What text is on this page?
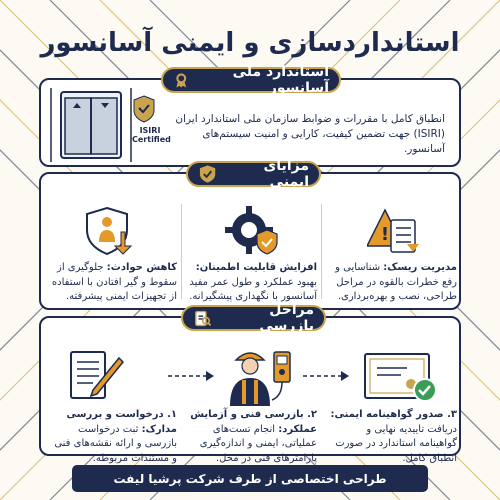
استانداردسازی و ایمنی آسانسور
استاندارد ملی آسانسور
ISIRI
Certified
انطباق کامل با مقررات و ضوابط سازمان ملی استاندارد ایران (ISIRI) جهت تضمین کیفیت، کارایی و امنیت سیستم‌های آسانسور.
مزایای ایمنی
!
مدیریت ریسک: شناسایی و رفع خطرات بالقوه در مراحل طراحی، نصب و بهره‌برداری.
افزایش قابلیت اطمینان: بهبود عملکرد و طول عمر مفید آسانسور با نگهداری پیشگیرانه.
کاهش حوادث: جلوگیری از سقوط و گیر افتادن با استفاده از تجهیزات ایمنی پیشرفته.
مراحل بازرسی
۱. درخواست و بررسی مدارک: ثبت درخواست بازرسی و ارائه نقشه‌های فنی و مستندات مربوطه.
۲. بازرسی فنی و آزمایش عملکرد: انجام تست‌های عملیاتی، ایمنی و اندازه‌گیری پارامترهای فنی در محل.
۳. صدور گواهینامه ایمنی: دریافت تاییدیه نهایی و گواهینامه استاندارد در صورت انطباق کامل.
طراحی اختصاصی از طرف شرکت پرشیا لیفت
